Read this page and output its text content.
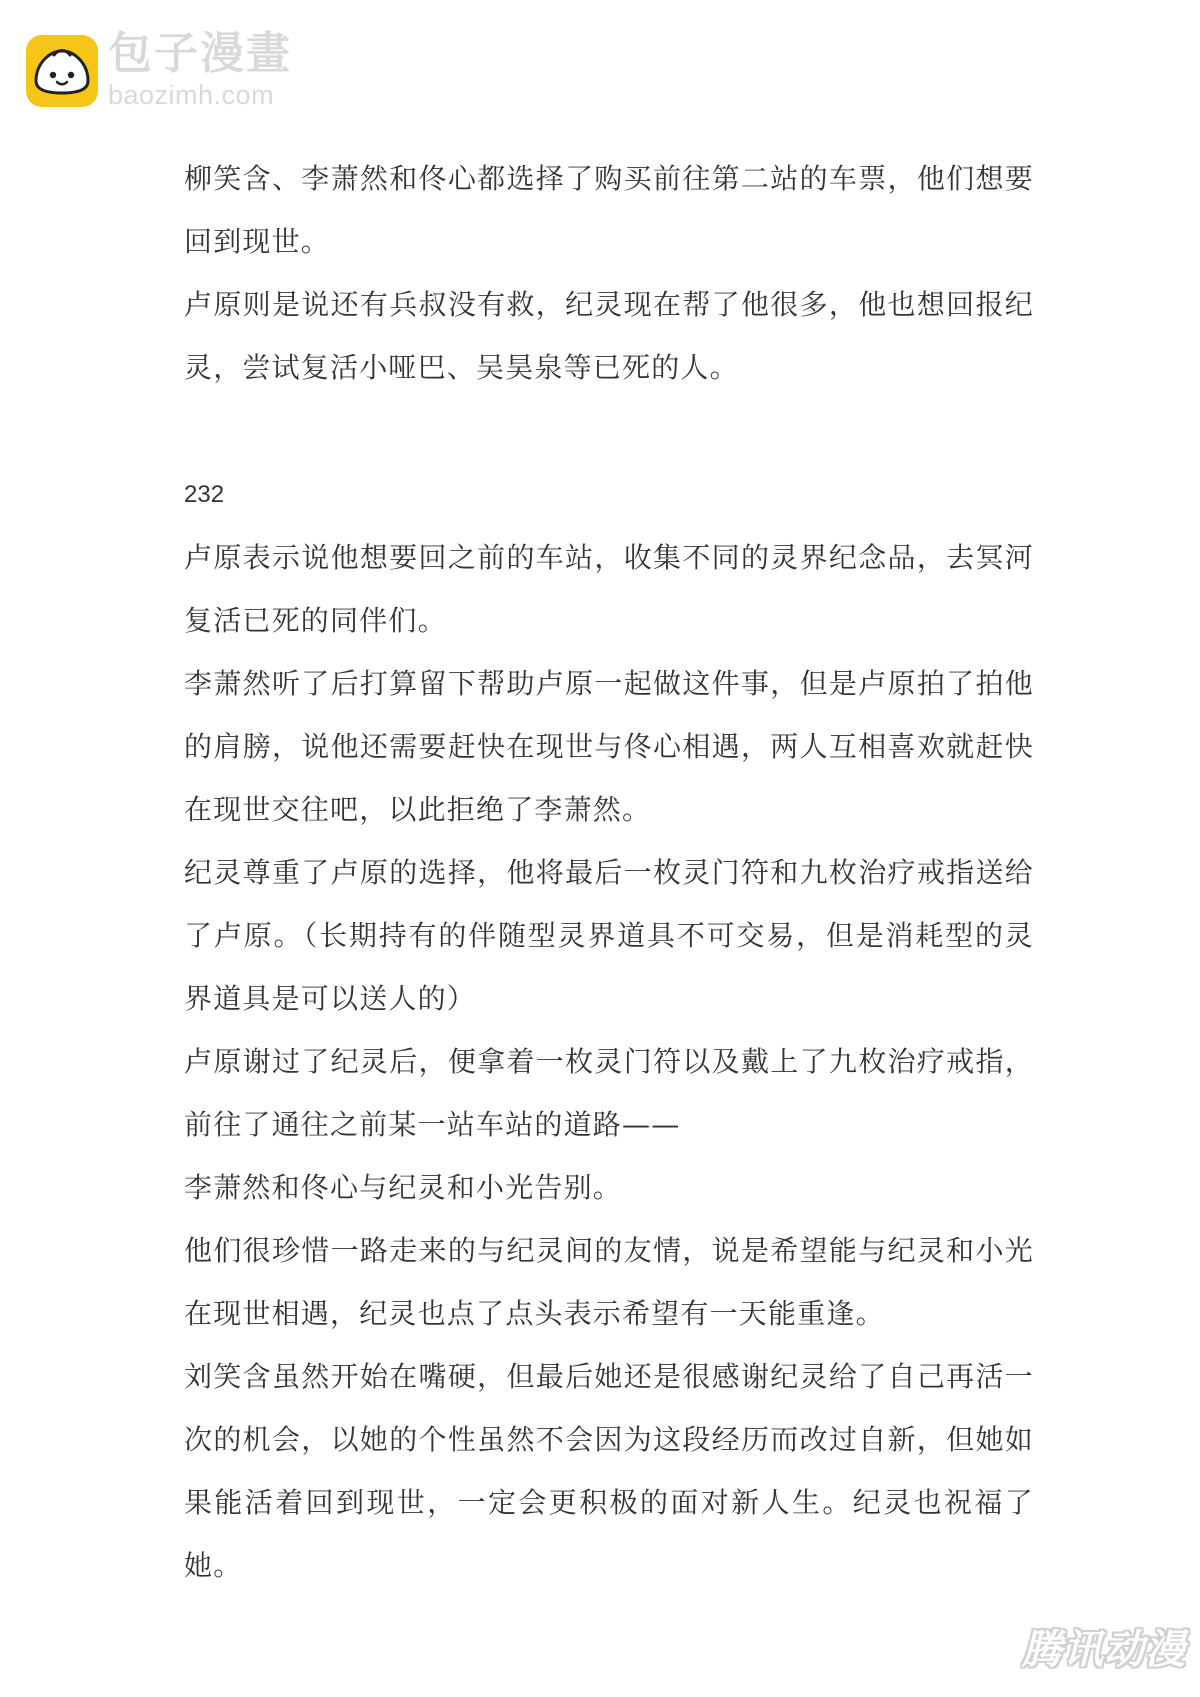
包子漫畫
baozimh.com

柳笑含、李萧然和佟心都选择了购买前往第二站的车票，他们想要回到现世。

卢原则是说还有兵叔没有救，纪灵现在帮了他很多，他也想回报纪灵，尝试复活小哑巴、吴昊泉等已死的人。

232

卢原表示说他想要回之前的车站，收集不同的灵界纪念品，去冥河复活已死的同伴们。

李萧然听了后打算留下帮助卢原一起做这件事，但是卢原拍了拍他的肩膀，说他还需要赶快在现世与佟心相遇，两人互相喜欢就赶快在现世交往吧，以此拒绝了李萧然。

纪灵尊重了卢原的选择，他将最后一枚灵门符和九枚治疗戒指送给了卢原。（长期持有的伴随型灵界道具不可交易，但是消耗型的灵界道具是可以送人的）

卢原谢过了纪灵后，便拿着一枚灵门符以及戴上了九枚治疗戒指，前往了通往之前某一站车站的道路——

李萧然和佟心与纪灵和小光告别。

他们很珍惜一路走来的与纪灵间的友情，说是希望能与纪灵和小光在现世相遇，纪灵也点了点头表示希望有一天能重逢。

刘笑含虽然开始在嘴硬，但最后她还是很感谢纪灵给了自己再活一次的机会，以她的个性虽然不会因为这段经历而改过自新，但她如果能活着回到现世，一定会更积极的面对新人生。纪灵也祝福了她。

腾讯动漫
